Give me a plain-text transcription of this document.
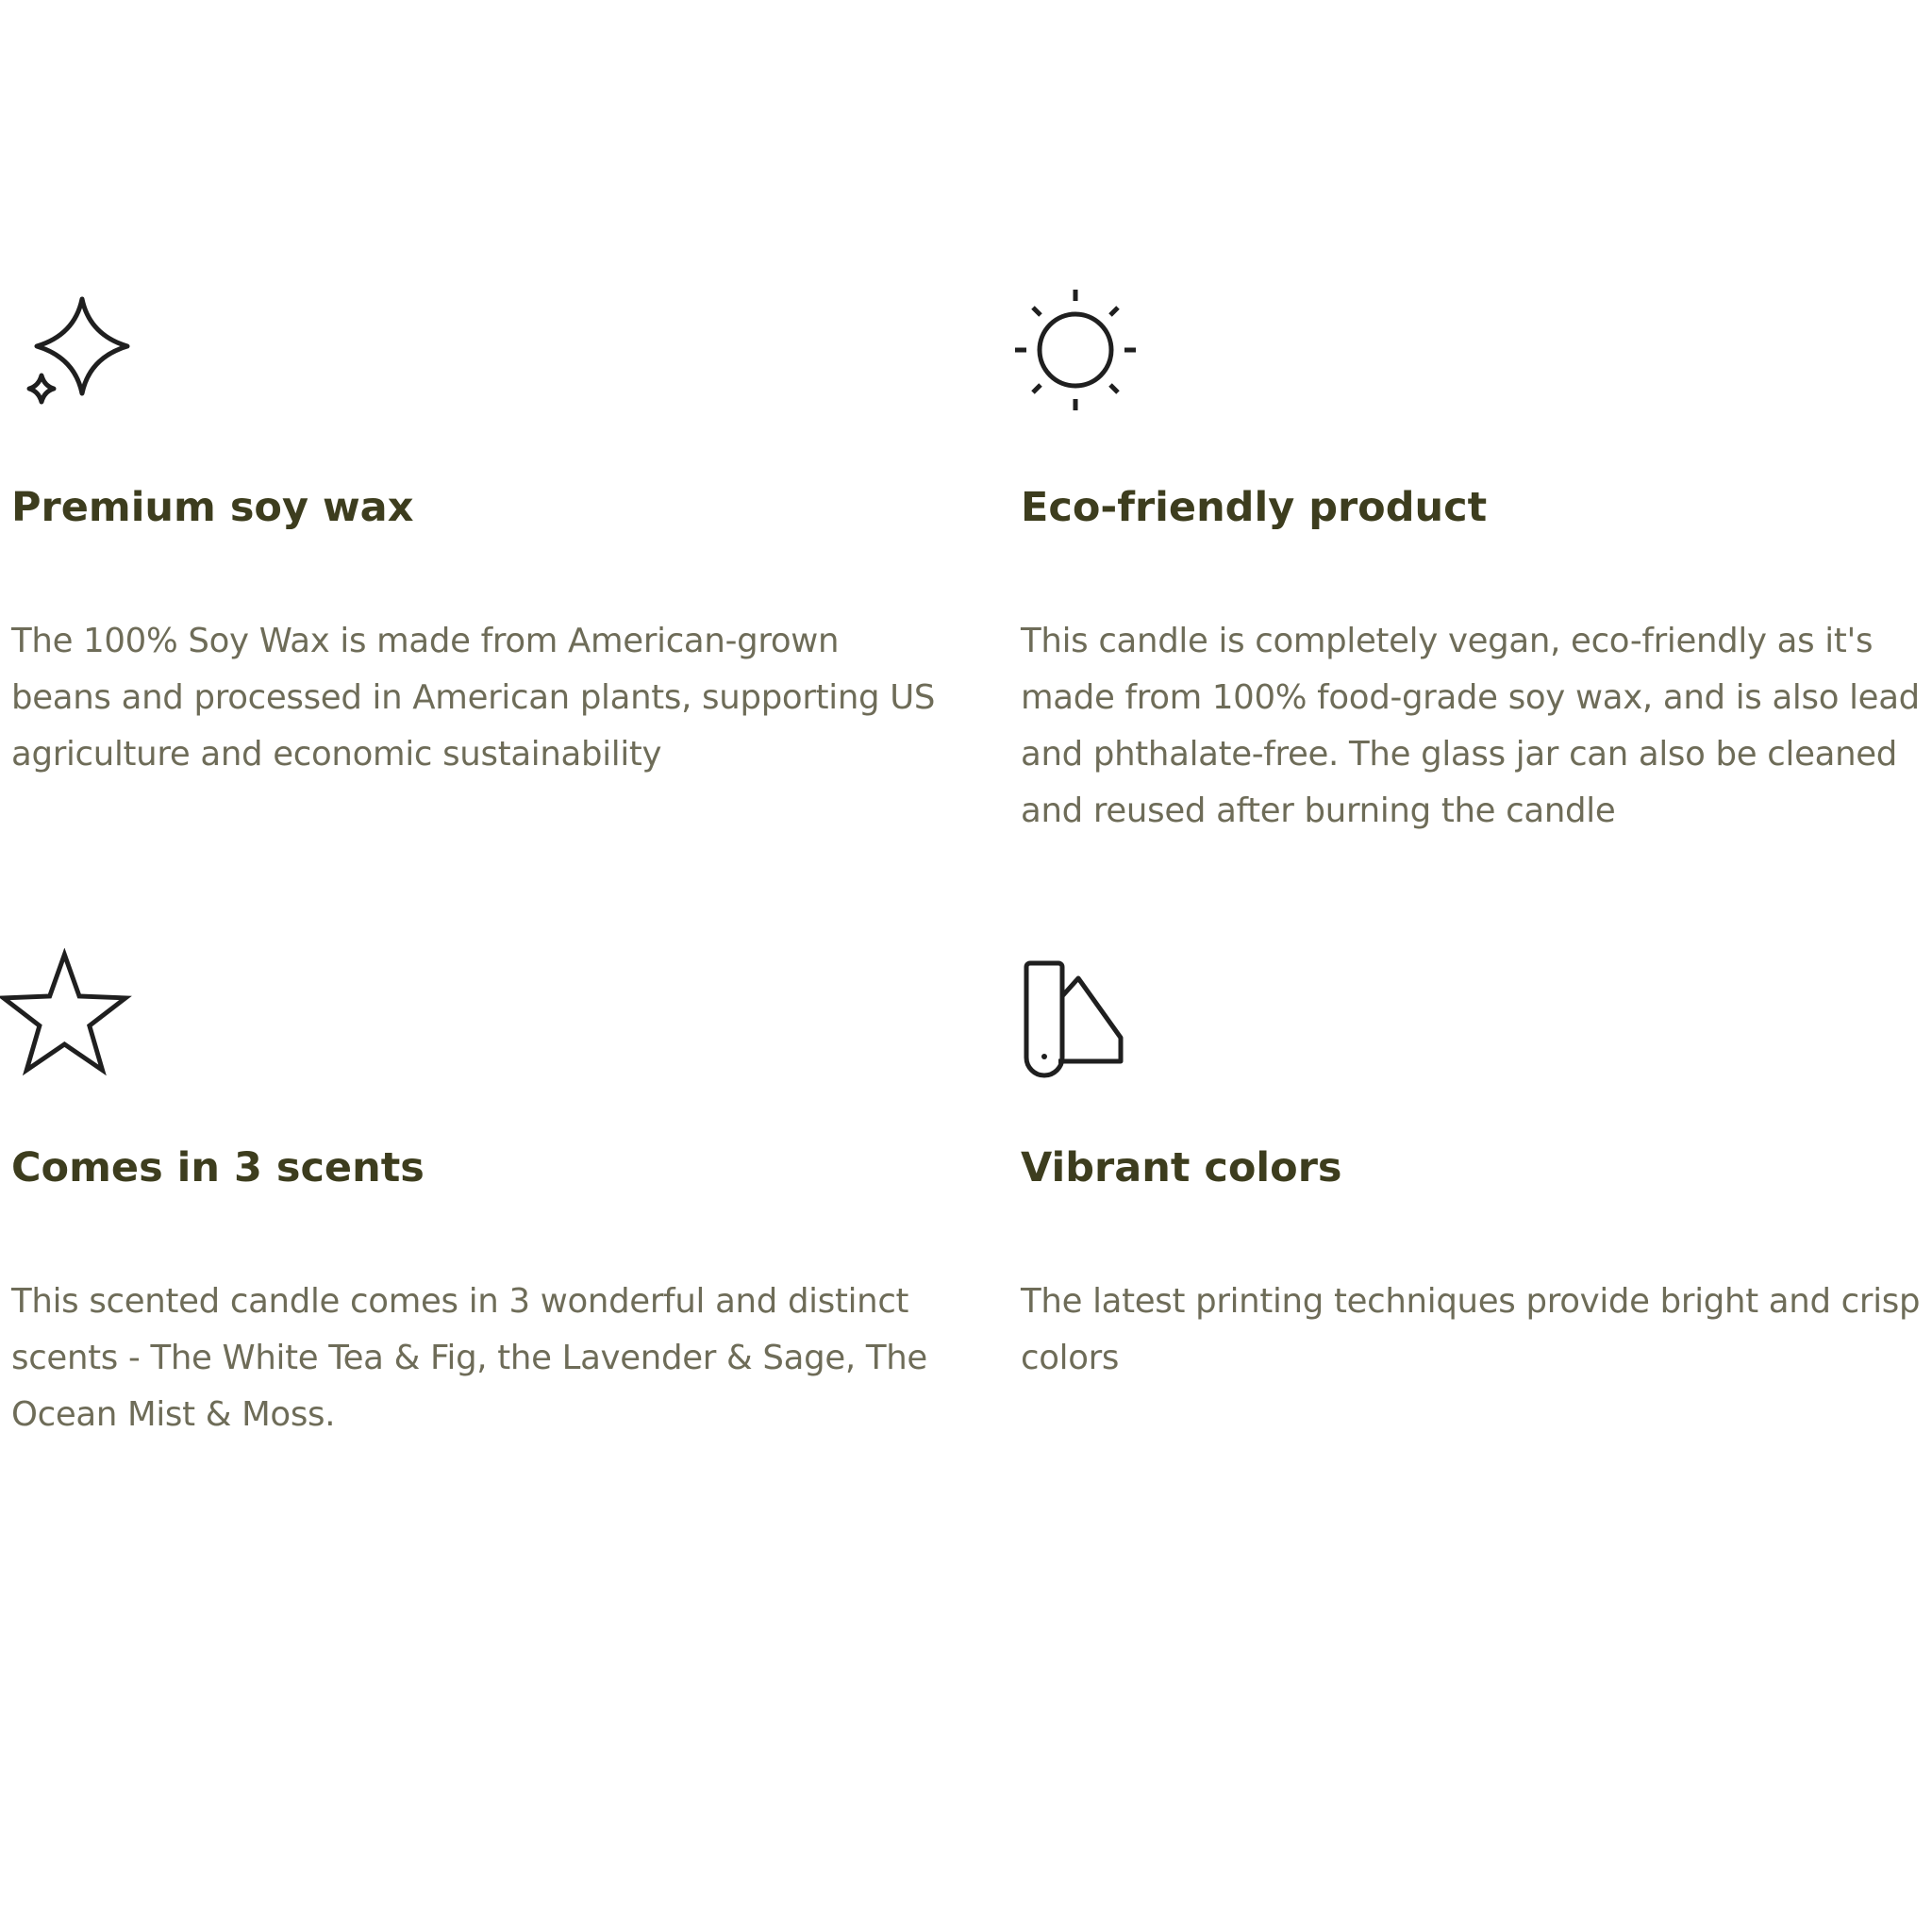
Premium soy wax

The 100% Soy Wax is made from American-grown beans and processed in American plants, supporting US agriculture and economic sustainability

Eco-friendly product

This candle is completely vegan, eco-friendly as it's made from 100% food-grade soy wax, and is also lead and phthalate-free. The glass jar can also be cleaned and reused after burning the candle

Comes in 3 scents

This scented candle comes in 3 wonderful and distinct scents - The White Tea & Fig, the Lavender & Sage, The Ocean Mist & Moss.

Vibrant colors

The latest printing techniques provide bright and crisp colors
